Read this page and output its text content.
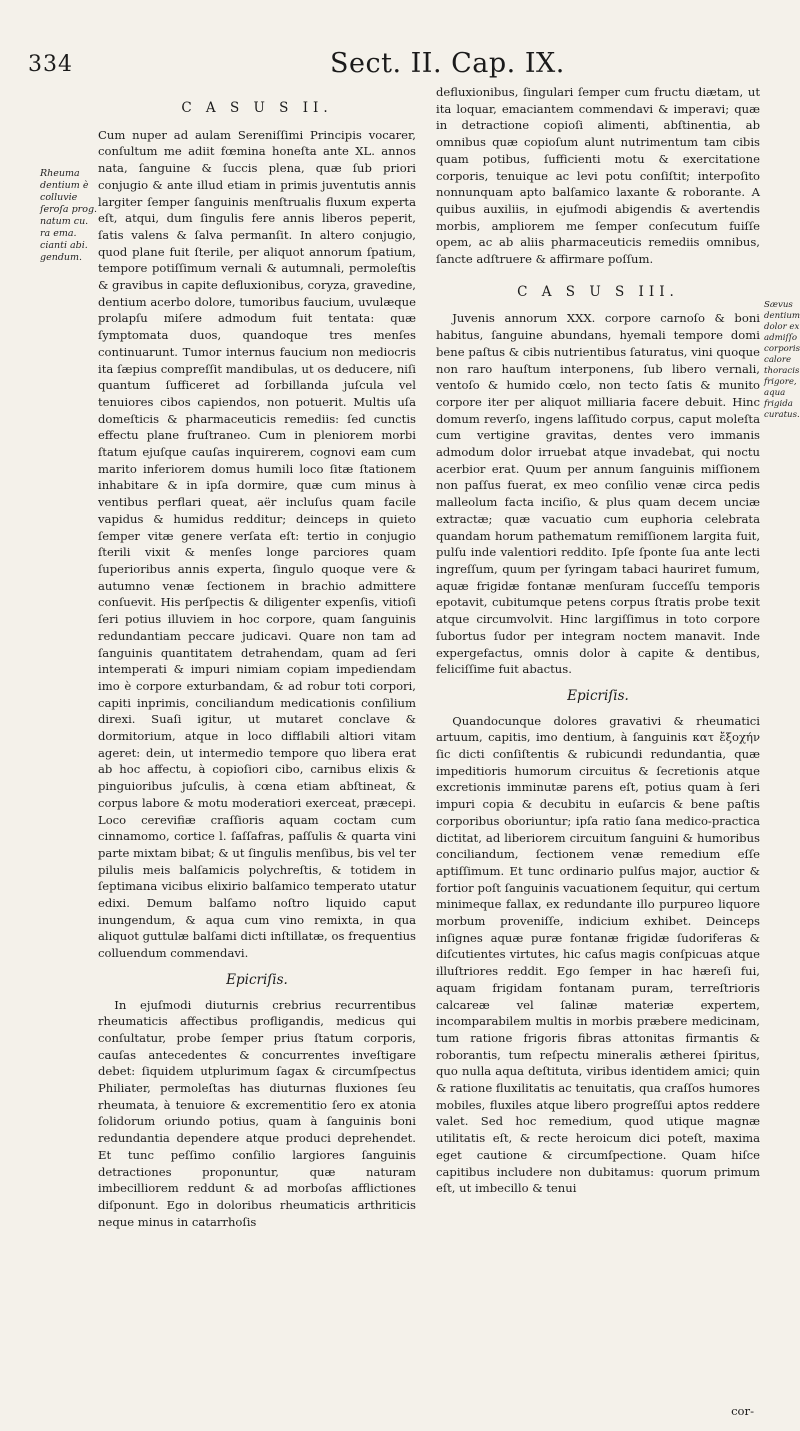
334	Sect. II. Cap. IX.
Rheuma dentium è colluvie ſeroſa prog. natum cu. ra ema. cianti abi. gendum.
C A S U S II.

Cum nuper ad aulam Sereniſſimi Principis vocarer, conſultum me adiit fœmina honeſta ante XL. annos nata, ſanguine & ſuccis plena, quæ ſub priori conjugio & ante illud etiam in primis juventutis annis largiter ſemper ſanguinis menſtrualis fluxum experta eſt, atqui, dum ſingulis fere annis liberos peperit, ſatis valens & ſalva permanſit. In altero conjugio, quod plane fuit ſterile, per aliquot annorum ſpatium, tempore potiſſimum vernali & autumnali, permoleſtis & gravibus in capite defluxionibus, coryza, gravedine, dentium acerbo dolore, tumoribus faucium, uvulæque prolapſu miſere admodum fuit tentata: quæ ſymptomata duos, quandoque tres menſes continuarunt. Tumor internus faucium non mediocris ita ſæpius compreſſit mandibulas, ut os deducere, niſi quantum ſufficeret ad ſorbillanda juſcula vel tenuiores cibos capiendos, non potuerit. Multis uſa domeſticis & pharmaceuticis remediis: ſed cunctis effectu plane fruſtraneo. Cum in pleniorem morbi ſtatum ejuſque cauſas inquirerem, cognovi eam cum marito inferiorem domus humili loco ſitæ ſtationem inhabitare & in ipſa dormire, quæ cum minus à ventibus perflari queat, aër incluſus quam facile vapidus & humidus redditur; deinceps in quieto ſemper vitæ genere verſata eſt: tertio in conjugio ſterili vixit & menſes longe parciores quam ſuperioribus annis experta, ſingulo quoque vere & autumno venæ ſectionem in brachio admittere conſuevit. His perſpectis & diligenter expenſis, vitioſi ſeri potius illuviem in hoc corpore, quam ſanguinis redundantiam peccare judicavi. Quare non tam ad ſanguinis quantitatem detrahendam, quam ad ſeri intemperati & impuri nimiam copiam impediendam imo è corpore exturbandam, & ad robur toti corpori, capiti inprimis, conciliandum medicationis conſilium direxi. Suaſi igitur, ut mutaret conclave & dormitorium, atque in loco difflabili altiori vitam ageret: dein, ut intermedio tempore quo libera erat ab hoc affectu, à copioſiori cibo, carnibus elixis & pinguioribus juſculis, à cœna etiam abſtineat, & corpus labore & motu moderatiori exerceat, præcepi. Loco cerevifiæ craſſioris aquam coctam cum cinnamomo, cortice l. ſaſſafras, paſſulis & quarta vini parte mixtam bibat; & ut ſingulis menſibus, bis vel ter pilulis meis balſamicis polychreſtis, & totidem in ſeptimana vicibus elixirio balſamico temperato utatur edixi. Demum balſamo noſtro liquido caput inungendum, & aqua cum vino remixta, in qua aliquot guttulæ balſami dicti inſtillatæ, os frequentius colluendum commendavi.

Epicriſis.

In ejuſmodi diuturnis crebrius recurrentibus rheumaticis affectibus profligandis, medicus qui conſultatur, probe ſemper prius ſtatum corporis, cauſas antecedentes & concurrentes inveſtigare debet: ſiquidem utplurimum ſagax & circumſpectus Philiater, permoleſtas has diuturnas fluxiones ſeu rheumata, à tenuiore & excrementitio ſero ex atonia ſolidorum oriundo potius, quam à ſanguinis boni redundantia dependere atque produci deprehendet. Et tunc peſſimo conſilio largiores ſanguinis detractiones proponuntur, quæ naturam imbecilliorem reddunt & ad morboſas afflictiones diſponunt. Ego in doloribus rheumaticis arthriticis neque minus in catarrhoſis

defluxionibus, ſingulari ſemper cum fructu diætam, ut ita loquar, emaciantem commendavi & imperavi; quæ in detractione copioſi alimenti, abſtinentia, ab omnibus quæ copioſum alunt nutrimentum tam cibis quam potibus, ſufficienti motu & exercitatione corporis, tenuique ac levi potu conſiſtit; interpoſito nonnunquam apto balſamico laxante & roborante. A quibus auxiliis, in ejuſmodi abigendis & avertendis morbis, ampliorem me ſemper conſecutum fuiſſe opem, ac ab aliis pharmaceuticis remediis omnibus, ſancte adſtruere & affirmare poſſum.

C A S U S III.

Juvenis annorum XXX. corpore carnoſo & boni habitus, ſanguine abundans, hyemali tempore domi bene paſtus & cibis nutrientibus ſaturatus, vini quoque non raro hauſtum interponens, ſub libero vernali, ventoſo & humido cœlo, non tecto ſatis & munito corpore iter per aliquot milliaria facere debuit. Hinc domum reverſo, ingens laſſitudo corpus, caput moleſta cum vertigine gravitas, dentes vero immanis admodum dolor irruebat atque invadebat, qui noctu acerbior erat. Quum per annum ſanguinis miſſionem non paſſus fuerat, ex meo conſilio venæ circa pedis malleolum facta inciſio, & plus quam decem unciæ extractæ; quæ vacuatio cum euphoria celebrata quandam horum pathematum remiſſionem largita fuit, pulſu inde valentiori reddito. Ipſe ſponte ſua ante lecti ingreſſum, quum per ſyringam tabaci hauriret fumum, aquæ frigidæ fontanæ menſuram ſucceſſu temporis epotavit, cubitumque petens corpus ſtratis probe texit atque circumvolvit. Hinc largiſſimus in toto corpore ſubortus ſudor per integram noctem manavit. Inde expergefactus, omnis dolor à capite & dentibus, feliciſſime fuit abactus.

Epicriſis.

Quandocunque dolores gravativi & rheumatici artuum, capitis, imo dentium, à ſanguinis κατ ἔξοχήν ſic dicti conſiſtentis & rubicundi redundantia, quæ impeditioris humorum circuitus & ſecretionis atque excretionis imminutæ parens eſt, potius quam à ſeri impuri copia & decubitu in euſarcis & bene paſtis corporibus oboriuntur; ipſa ratio ſana medico-practica dictitat, ad liberiorem circuitum ſanguini & humoribus conciliandum, ſectionem venæ remedium eſſe aptiſſimum. Et tunc ordinario pulſus major, auctior & fortior poſt ſanguinis vacuationem ſequitur, qui certum minimeque fallax, ex redundante illo purpureo liquore morbum proveniſſe, indicium exhibet. Deinceps inſignes aquæ puræ fontanæ frigidæ ſudoriferas & diſcutientes virtutes, hic caſus magis conſpicuas atque illuſtriores reddit. Ego ſemper in hac hæreſi fui, aquam frigidam fontanam puram, terreſtrioris calcareæ vel ſalinæ materiæ expertem, incomparabilem multis in morbis præbere medicinam, tum ratione frigoris fibras attonitas firmantis & roborantis, tum reſpectu mineralis ætherei ſpiritus, quo nulla aqua deſtituta, viribus identidem amici; quin & ratione fluxilitatis ac tenuitatis, qua craſſos humores mobiles, fluxiles atque libero progreſſui aptos reddere valet. Sed hoc remedium, quod utique magnæ utilitatis eſt, & recte heroicum dici poteſt, maxima eget cautione & circumſpectione. Quam hiſce capitibus includere non dubitamus: quorum primum eſt, ut imbecillo & tenui

Sævus dentium dolor ex admiſſo corporis calore thoracis frigore, aqua frigida curatus.
cor-
